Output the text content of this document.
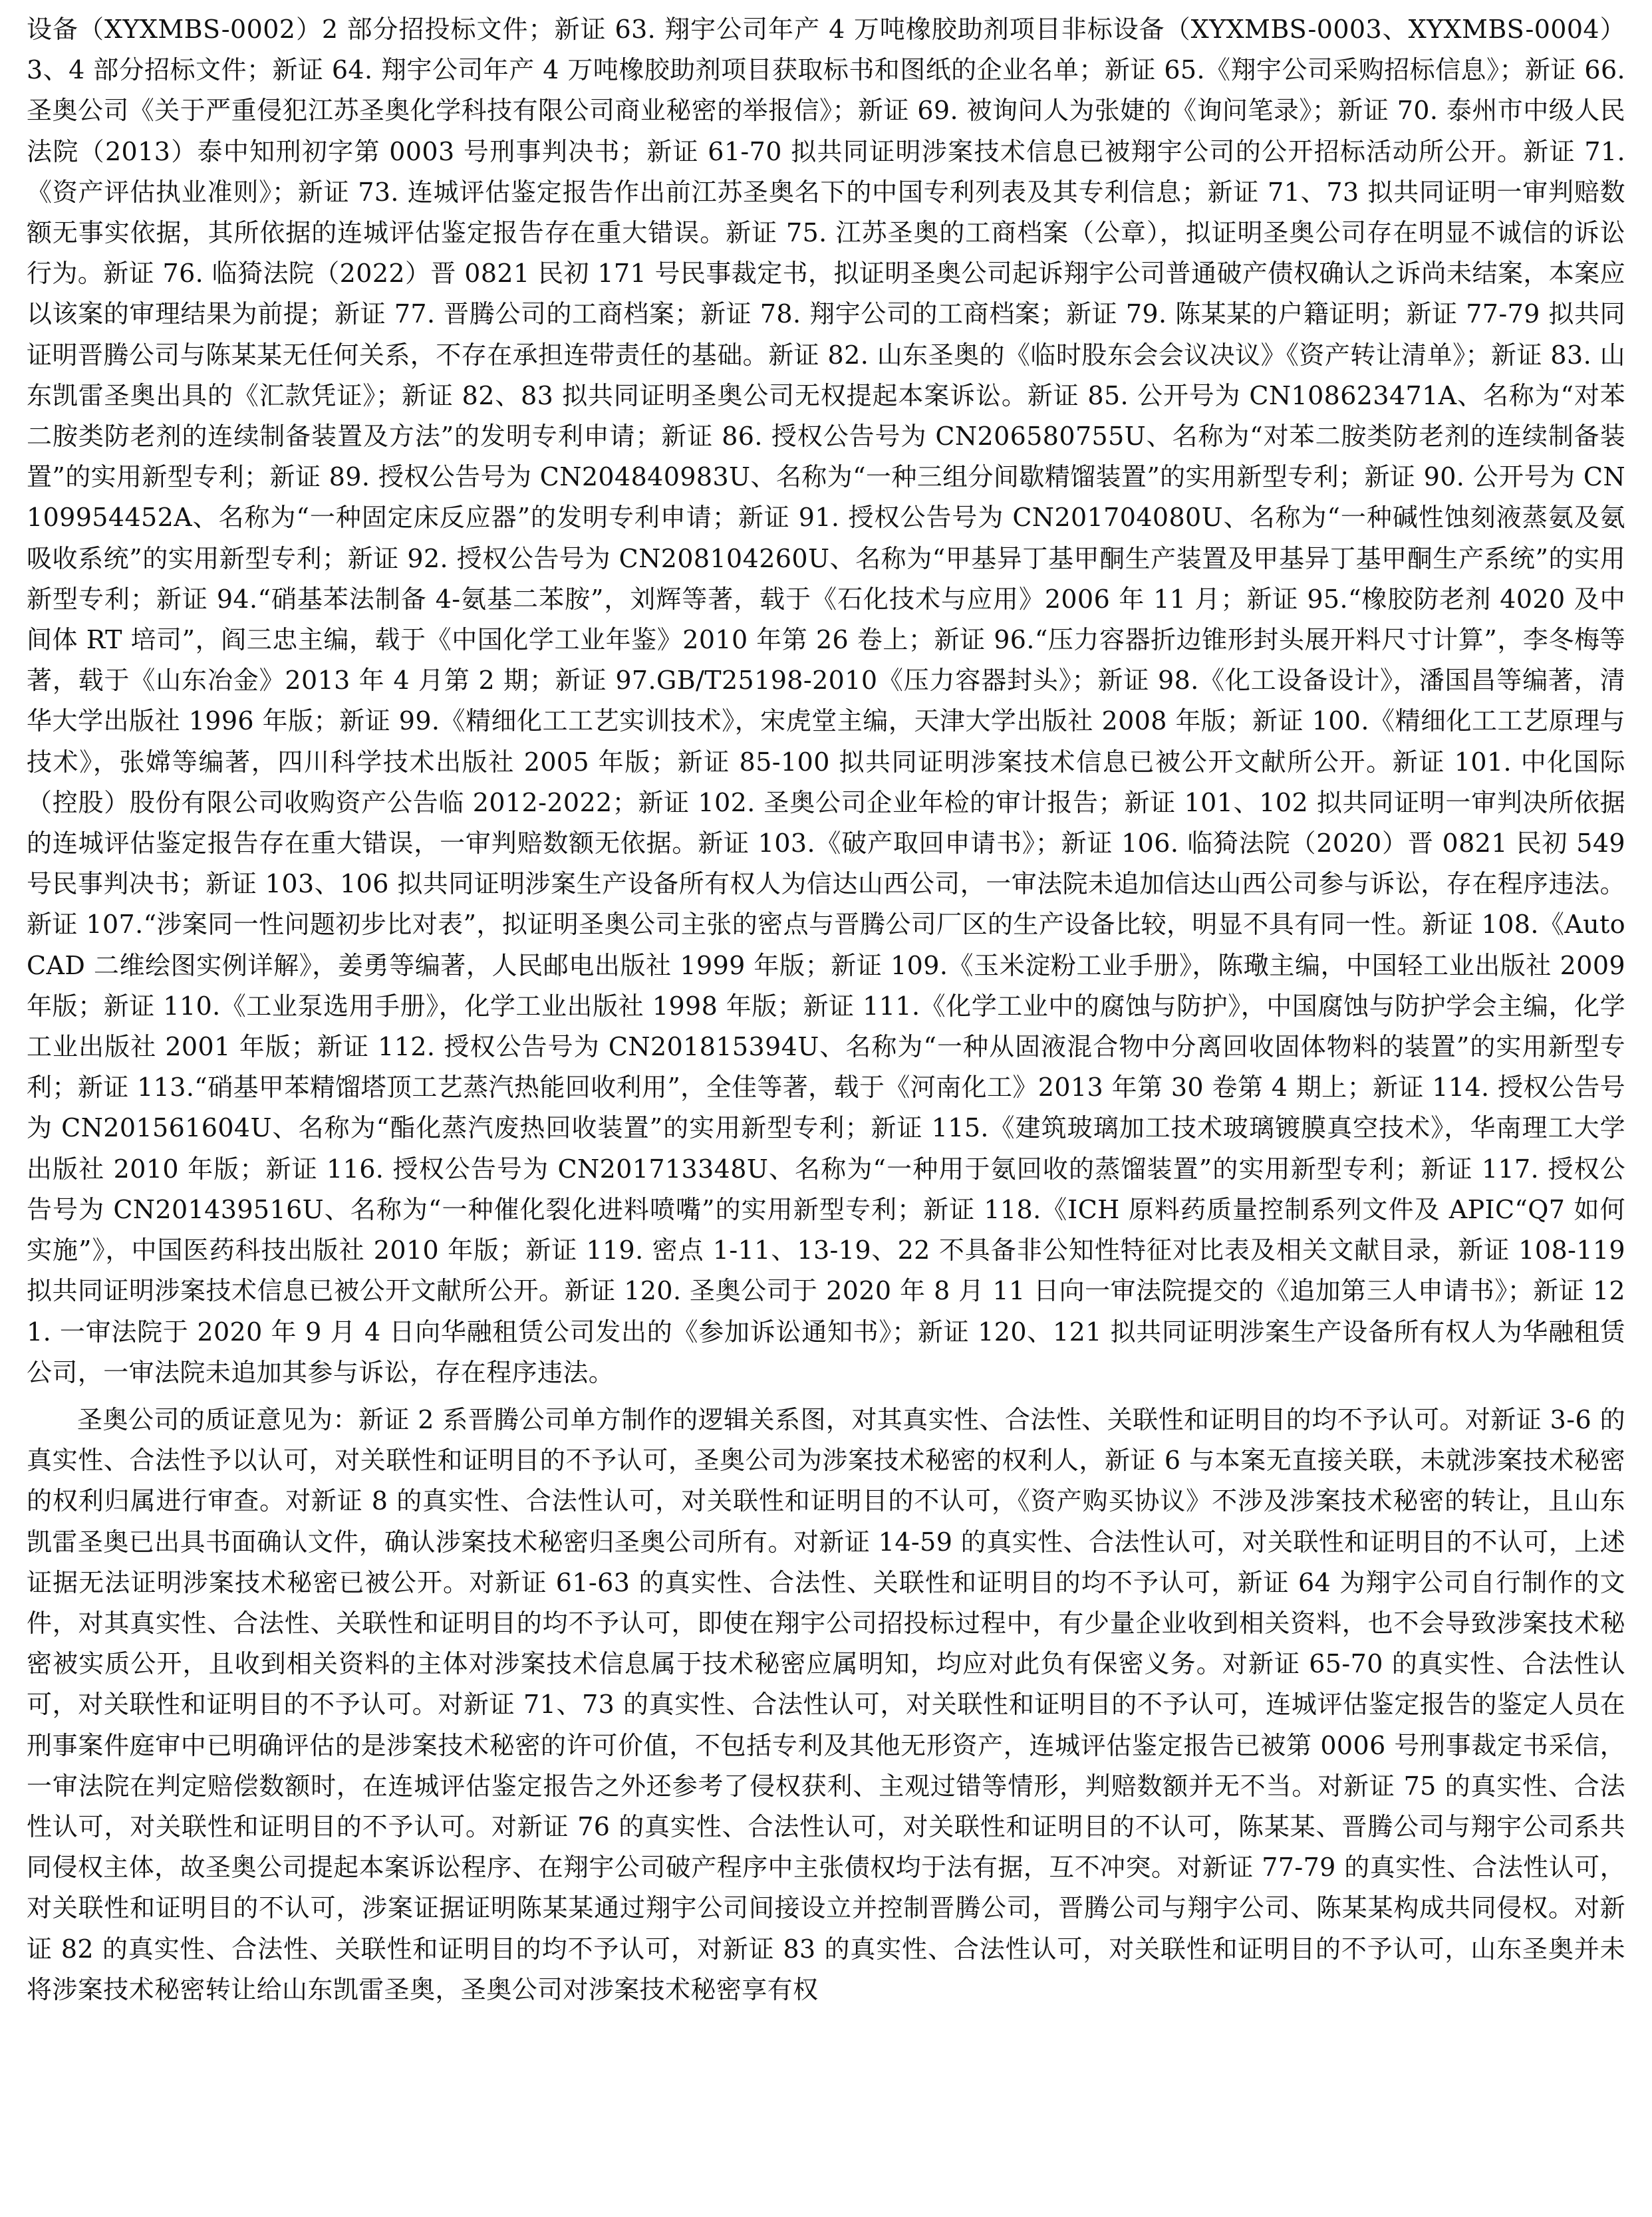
设备（XYXMBS-0002）2 部分招投标文件；新证 63. 翔宇公司年产 4 万吨橡胶助剂项目非标设备（XYXMBS-0003、XYXMBS-0004）3、4 部分招标文件；新证 64. 翔宇公司年产 4 万吨橡胶助剂项目获取标书和图纸的企业名单；新证 65.《翔宇公司采购招标信息》；新证 66. 圣奥公司《关于严重侵犯江苏圣奥化学科技有限公司商业秘密的举报信》；新证 69. 被询问人为张婕的《询问笔录》；新证 70. 泰州市中级人民法院（2013）泰中知刑初字第 0003 号刑事判决书；新证 61-70 拟共同证明涉案技术信息已被翔宇公司的公开招标活动所公开。新证 71.《资产评估执业准则》；新证 73. 连城评估鉴定报告作出前江苏圣奥名下的中国专利列表及其专利信息；新证 71、73 拟共同证明一审判赔数额无事实依据，其所依据的连城评估鉴定报告存在重大错误。新证 75. 江苏圣奥的工商档案（公章），拟证明圣奥公司存在明显不诚信的诉讼行为。新证 76. 临猗法院（2022）晋 0821 民初 171 号民事裁定书，拟证明圣奥公司起诉翔宇公司普通破产债权确认之诉尚未结案，本案应以该案的审理结果为前提；新证 77. 晋腾公司的工商档案；新证 78. 翔宇公司的工商档案；新证 79. 陈某某的户籍证明；新证 77-79 拟共同证明晋腾公司与陈某某无任何关系，不存在承担连带责任的基础。新证 82. 山东圣奥的《临时股东会会议决议》《资产转让清单》；新证 83. 山东凯雷圣奥出具的《汇款凭证》；新证 82、83 拟共同证明圣奥公司无权提起本案诉讼。新证 85. 公开号为 CN108623471A、名称为“对苯二胺类防老剂的连续制备装置及方法”的发明专利申请；新证 86. 授权公告号为 CN206580755U、名称为“对苯二胺类防老剂的连续制备装置”的实用新型专利；新证 89. 授权公告号为 CN204840983U、名称为“一种三组分间歇精馏装置”的实用新型专利；新证 90. 公开号为 CN109954452A、名称为“一种固定床反应器”的发明专利申请；新证 91. 授权公告号为 CN201704080U、名称为“一种碱性蚀刻液蒸氨及氨吸收系统”的实用新型专利；新证 92. 授权公告号为 CN208104260U、名称为“甲基异丁基甲酮生产装置及甲基异丁基甲酮生产系统”的实用新型专利；新证 94.“硝基苯法制备 4-氨基二苯胺”，刘辉等著，载于《石化技术与应用》2006 年 11 月；新证 95.“橡胶防老剂 4020 及中间体 RT 培司”，阎三忠主编，载于《中国化学工业年鉴》2010 年第 26 卷上；新证 96.“压力容器折边锥形封头展开料尺寸计算”，李冬梅等著，载于《山东冶金》2013 年 4 月第 2 期；新证 97.GB/T25198-2010《压力容器封头》；新证 98.《化工设备设计》，潘国昌等编著，清华大学出版社 1996 年版；新证 99.《精细化工工艺实训技术》，宋虎堂主编，天津大学出版社 2008 年版；新证 100.《精细化工工艺原理与技术》，张嫦等编著，四川科学技术出版社 2005 年版；新证 85-100 拟共同证明涉案技术信息已被公开文献所公开。新证 101. 中化国际（控股）股份有限公司收购资产公告临 2012-2022；新证 102. 圣奥公司企业年检的审计报告；新证 101、102 拟共同证明一审判决所依据的连城评估鉴定报告存在重大错误，一审判赔数额无依据。新证 103.《破产取回申请书》；新证 106. 临猗法院（2020）晋 0821 民初 549 号民事判决书；新证 103、106 拟共同证明涉案生产设备所有权人为信达山西公司，一审法院未追加信达山西公司参与诉讼，存在程序违法。新证 107.“涉案同一性问题初步比对表”，拟证明圣奥公司主张的密点与晋腾公司厂区的生产设备比较，明显不具有同一性。新证 108.《AutoCAD 二维绘图实例详解》，姜勇等编著，人民邮电出版社 1999 年版；新证 109.《玉米淀粉工业手册》，陈璥主编，中国轻工业出版社 2009 年版；新证 110.《工业泵选用手册》，化学工业出版社 1998 年版；新证 111.《化学工业中的腐蚀与防护》，中国腐蚀与防护学会主编，化学工业出版社 2001 年版；新证 112. 授权公告号为 CN201815394U、名称为“一种从固液混合物中分离回收固体物料的装置”的实用新型专利；新证 113.“硝基甲苯精馏塔顶工艺蒸汽热能回收利用”，全佳等著，载于《河南化工》2013 年第 30 卷第 4 期上；新证 114. 授权公告号为 CN201561604U、名称为“酯化蒸汽废热回收装置”的实用新型专利；新证 115.《建筑玻璃加工技术玻璃镀膜真空技术》，华南理工大学出版社 2010 年版；新证 116. 授权公告号为 CN201713348U、名称为“一种用于氨回收的蒸馏装置”的实用新型专利；新证 117. 授权公告号为 CN201439516U、名称为“一种催化裂化进料喷嘴”的实用新型专利；新证 118.《ICH 原料药质量控制系列文件及 APIC“Q7 如何实施”》，中国医药科技出版社 2010 年版；新证 119. 密点 1-11、13-19、22 不具备非公知性特征对比表及相关文献目录，新证 108-119 拟共同证明涉案技术信息已被公开文献所公开。新证 120. 圣奥公司于 2020 年 8 月 11 日向一审法院提交的《追加第三人申请书》；新证 121. 一审法院于 2020 年 9 月 4 日向华融租赁公司发出的《参加诉讼通知书》；新证 120、121 拟共同证明涉案生产设备所有权人为华融租赁公司，一审法院未追加其参与诉讼，存在程序违法。

圣奥公司的质证意见为：新证 2 系晋腾公司单方制作的逻辑关系图，对其真实性、合法性、关联性和证明目的均不予认可。对新证 3-6 的真实性、合法性予以认可，对关联性和证明目的不予认可，圣奥公司为涉案技术秘密的权利人，新证 6 与本案无直接关联，未就涉案技术秘密的权利归属进行审查。对新证 8 的真实性、合法性认可，对关联性和证明目的不认可，《资产购买协议》不涉及涉案技术秘密的转让，且山东凯雷圣奥已出具书面确认文件，确认涉案技术秘密归圣奥公司所有。对新证 14-59 的真实性、合法性认可，对关联性和证明目的不认可，上述证据无法证明涉案技术秘密已被公开。对新证 61-63 的真实性、合法性、关联性和证明目的均不予认可，新证 64 为翔宇公司自行制作的文件，对其真实性、合法性、关联性和证明目的均不予认可，即使在翔宇公司招投标过程中，有少量企业收到相关资料，也不会导致涉案技术秘密被实质公开，且收到相关资料的主体对涉案技术信息属于技术秘密应属明知，均应对此负有保密义务。对新证 65-70 的真实性、合法性认可，对关联性和证明目的不予认可。对新证 71、73 的真实性、合法性认可，对关联性和证明目的不予认可，连城评估鉴定报告的鉴定人员在刑事案件庭审中已明确评估的是涉案技术秘密的许可价值，不包括专利及其他无形资产，连城评估鉴定报告已被第 0006 号刑事裁定书采信，一审法院在判定赔偿数额时，在连城评估鉴定报告之外还参考了侵权获利、主观过错等情形，判赔数额并无不当。对新证 75 的真实性、合法性认可，对关联性和证明目的不予认可。对新证 76 的真实性、合法性认可，对关联性和证明目的不认可，陈某某、晋腾公司与翔宇公司系共同侵权主体，故圣奥公司提起本案诉讼程序、在翔宇公司破产程序中主张债权均于法有据，互不冲突。对新证 77-79 的真实性、合法性认可，对关联性和证明目的不认可，涉案证据证明陈某某通过翔宇公司间接设立并控制晋腾公司，晋腾公司与翔宇公司、陈某某构成共同侵权。对新证 82 的真实性、合法性、关联性和证明目的均不予认可，对新证 83 的真实性、合法性认可，对关联性和证明目的不予认可，山东圣奥并未将涉案技术秘密转让给山东凯雷圣奥，圣奥公司对涉案技术秘密享有权
